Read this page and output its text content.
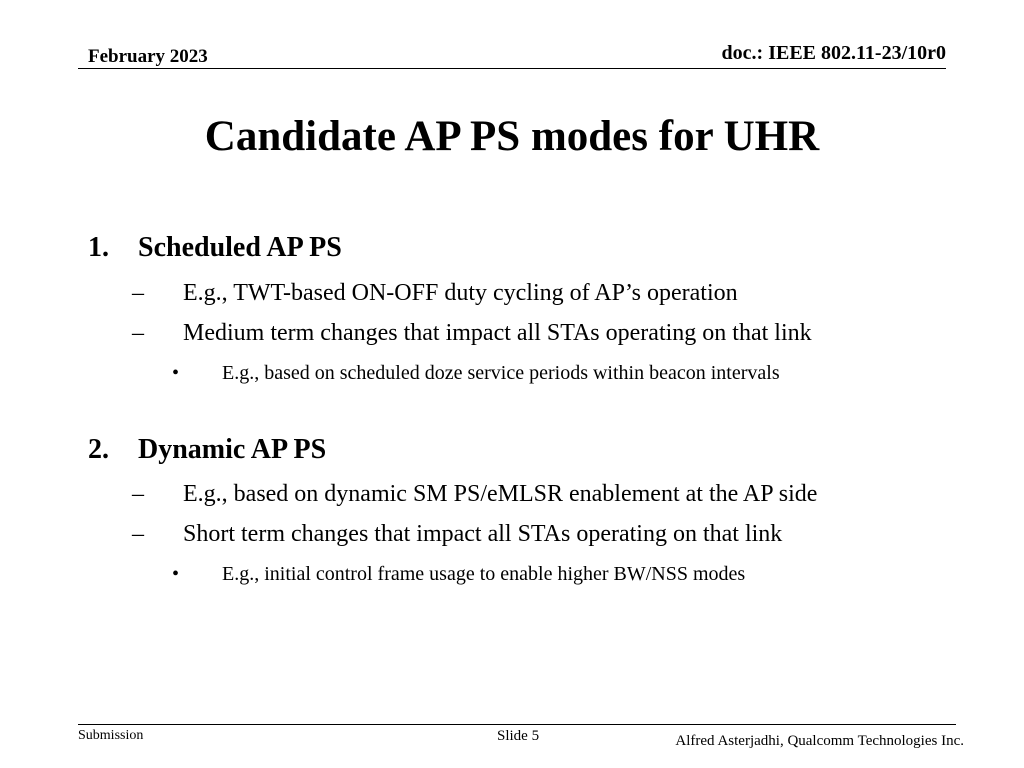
February 2023	doc.: IEEE 802.11-23/10r0
Candidate AP PS modes for UHR
1. Scheduled AP PS
– E.g., TWT-based ON-OFF duty cycling of AP’s operation
– Medium term changes that impact all STAs operating on that link
• E.g., based on scheduled doze service periods within beacon intervals
2. Dynamic AP PS
– E.g., based on dynamic SM PS/eMLSR enablement at the AP side
– Short term changes that impact all STAs operating on that link
• E.g., initial control frame usage to enable higher BW/NSS modes
Submission	Slide 5	Alfred Asterjadhi, Qualcomm Technologies Inc.
